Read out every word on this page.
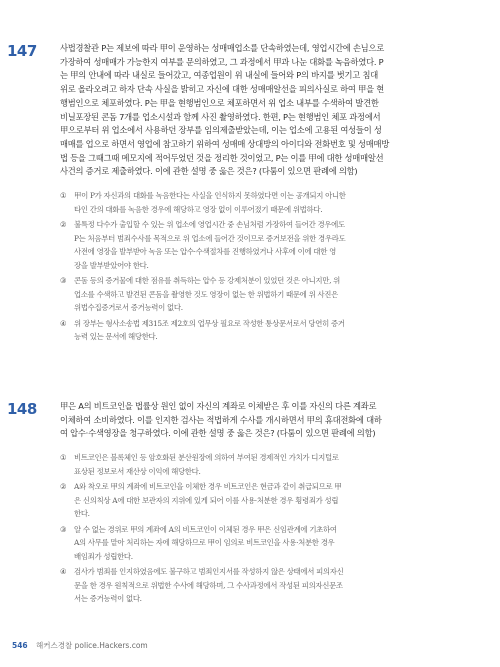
147	사법경찰관 P는 제보에 따라 甲이 운영하는 성매매업소를 단속하였는데, 영업시간에 손님으로
가장하여 성매매가 가능한지 여부를 문의하였고, 그 과정에서 甲과 나눈 대화를 녹음하였다. P
는 甲의 안내에 따라 내실로 들어갔고, 여종업원이 위 내실에 들어와 P의 바지를 벗기고 침대
위로 올라오려고 하자 단속 사실을 밝히고 자신에 대한 성매매알선을 피의사실로 하여 甲을 현
행범인으로 체포하였다. P는 甲을 현행범인으로 체포하면서 위 업소 내부를 수색하여 발견한
비닐포장된 콘돔 7개를 업소시설과 함께 사진 촬영하였다. 한편, P는 현행범인 체포 과정에서
甲으로부터 위 업소에서 사용하던 장부를 임의제출받았는데, 이는 업소에 고용된 여성들이 성
매매를 업으로 하면서 영업에 참고하기 위하여 성매매 상대방의 아이디와 전화번호 및 성매매방
법 등을 그때그때 메모지에 적어두었던 것을 정리한 것이었고, P는 이를 甲에 대한 성매매알선
사건의 증거로 제출하였다. 이에 관한 설명 중 옳은 것은? (다툼이 있으면 판례에 의함)

①	甲이 P가 자신과의 대화를 녹음한다는 사실을 인식하지 못하였다면 이는 공개되지 아니한
타인 간의 대화를 녹음한 경우에 해당하고 영장 없이 이루어졌기 때문에 위법하다.
②	불특정 다수가 출입할 수 있는 위 업소에 영업시간 중 손님처럼 가장하여 들어간 경우에도
P는 처음부터 범죄수사를 목적으로 위 업소에 들어간 것이므로 증거보전을 위한 경우라도
사전에 영장을 발부받아 녹음 또는 압수·수색절차를 진행하였거나 사후에 이에 대한 영
장을 발부받았어야 한다.
③	콘돔 등의 증거물에 대한 점유를 취득하는 압수 등 강제처분이 있었던 것은 아니지만, 위
업소를 수색하고 발견된 콘돔을 촬영한 것도 영장이 없는 한 위법하기 때문에 위 사진은
위법수집증거로서 증거능력이 없다.
④	위 장부는 형사소송법 제315조 제2호의 업무상 필요로 작성한 통상문서로서 당연히 증거
능력 있는 문서에 해당한다.
148	甲은 A의 비트코인을 법률상 원인 없이 자신의 계좌로 이체받은 후 이를 자신의 다른 계좌로
이체하여 소비하였다. 이를 인지한 검사는 적법하게 수사를 개시하면서 甲의 휴대전화에 대하
여 압수·수색영장을 청구하였다. 이에 관한 설명 중 옳은 것은? (다툼이 있으면 판례에 의함)

①	비트코인은 블록체인 등 암호화된 분산원장에 의하여 부여된 경제적인 가치가 디지털로
표상된 정보로서 재산상 이익에 해당한다.
②	A와 착오로 甲의 계좌에 비트코인을 이체한 경우 비트코인은 현금과 같이 취급되므로 甲
은 신의칙상 A에 대한 보관자의 지위에 있게 되어 이를 사용·처분한 경우 횡령죄가 성립
한다.
③	알 수 없는 경위로 甲의 계좌에 A의 비트코인이 이체된 경우 甲은 신임관계에 기초하여
A의 사무를 맡아 처리하는 자에 해당하므로 甲이 임의로 비트코인을 사용·처분한 경우
배임죄가 성립한다.
④	검사가 범죄를 인지하였음에도 불구하고 범죄인지서를 작성하지 않은 상태에서 피의자신
문을 한 경우 원칙적으로 위법한 수사에 해당하며, 그 수사과정에서 작성된 피의자신문조
서는 증거능력이 없다.
546 해커스경찰 police.Hackers.com
